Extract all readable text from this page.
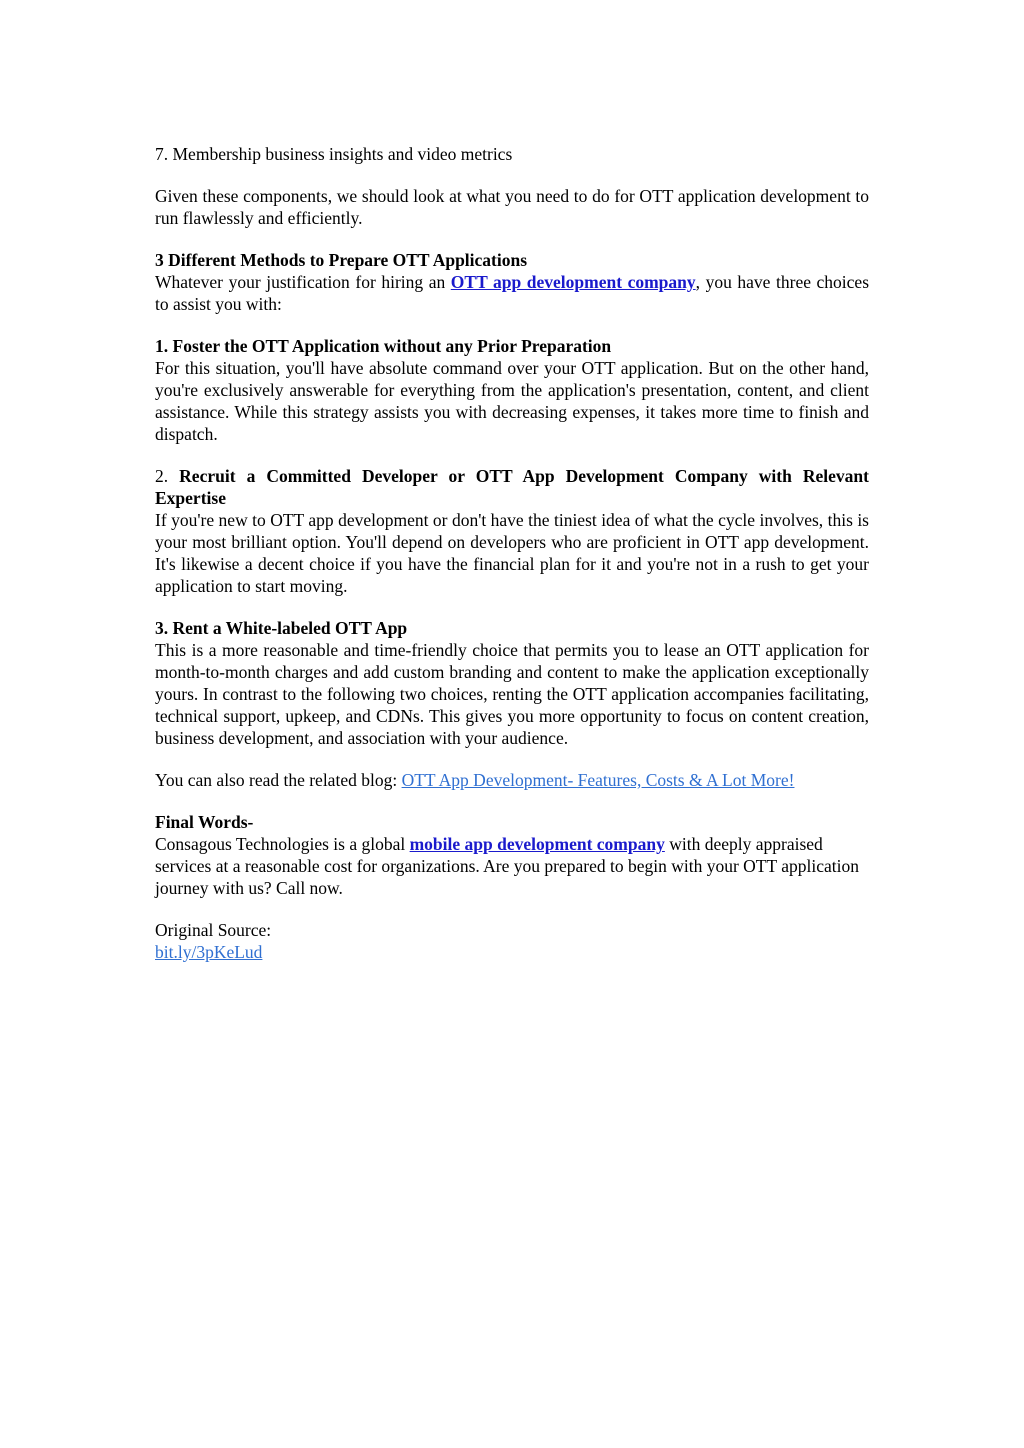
7. Membership business insights and video metrics

Given these components, we should look at what you need to do for OTT application development to run flawlessly and efficiently.

3 Different Methods to Prepare OTT Applications
Whatever your justification for hiring an OTT app development company, you have three choices to assist you with:
1. Foster the OTT Application without any Prior Preparation
For this situation, you'll have absolute command over your OTT application. But on the other hand, you're exclusively answerable for everything from the application's presentation, content, and client assistance. While this strategy assists you with decreasing expenses, it takes more time to finish and dispatch.
2. Recruit a Committed Developer or OTT App Development Company with Relevant Expertise
If you're new to OTT app development or don't have the tiniest idea of what the cycle involves, this is your most brilliant option. You'll depend on developers who are proficient in OTT app development. It's likewise a decent choice if you have the financial plan for it and you're not in a rush to get your application to start moving.
3. Rent a White-labeled OTT App
This is a more reasonable and time-friendly choice that permits you to lease an OTT application for month-to-month charges and add custom branding and content to make the application exceptionally yours. In contrast to the following two choices, renting the OTT application accompanies facilitating, technical support, upkeep, and CDNs. This gives you more opportunity to focus on content creation, business development, and association with your audience.

You can also read the related blog: OTT App Development- Features, Costs & A Lot More!

Final Words-
Consagous Technologies is a global mobile app development company with deeply appraised services at a reasonable cost for organizations. Are you prepared to begin with your OTT application journey with us? Call now.
Original Source:
bit.ly/3pKeLud
